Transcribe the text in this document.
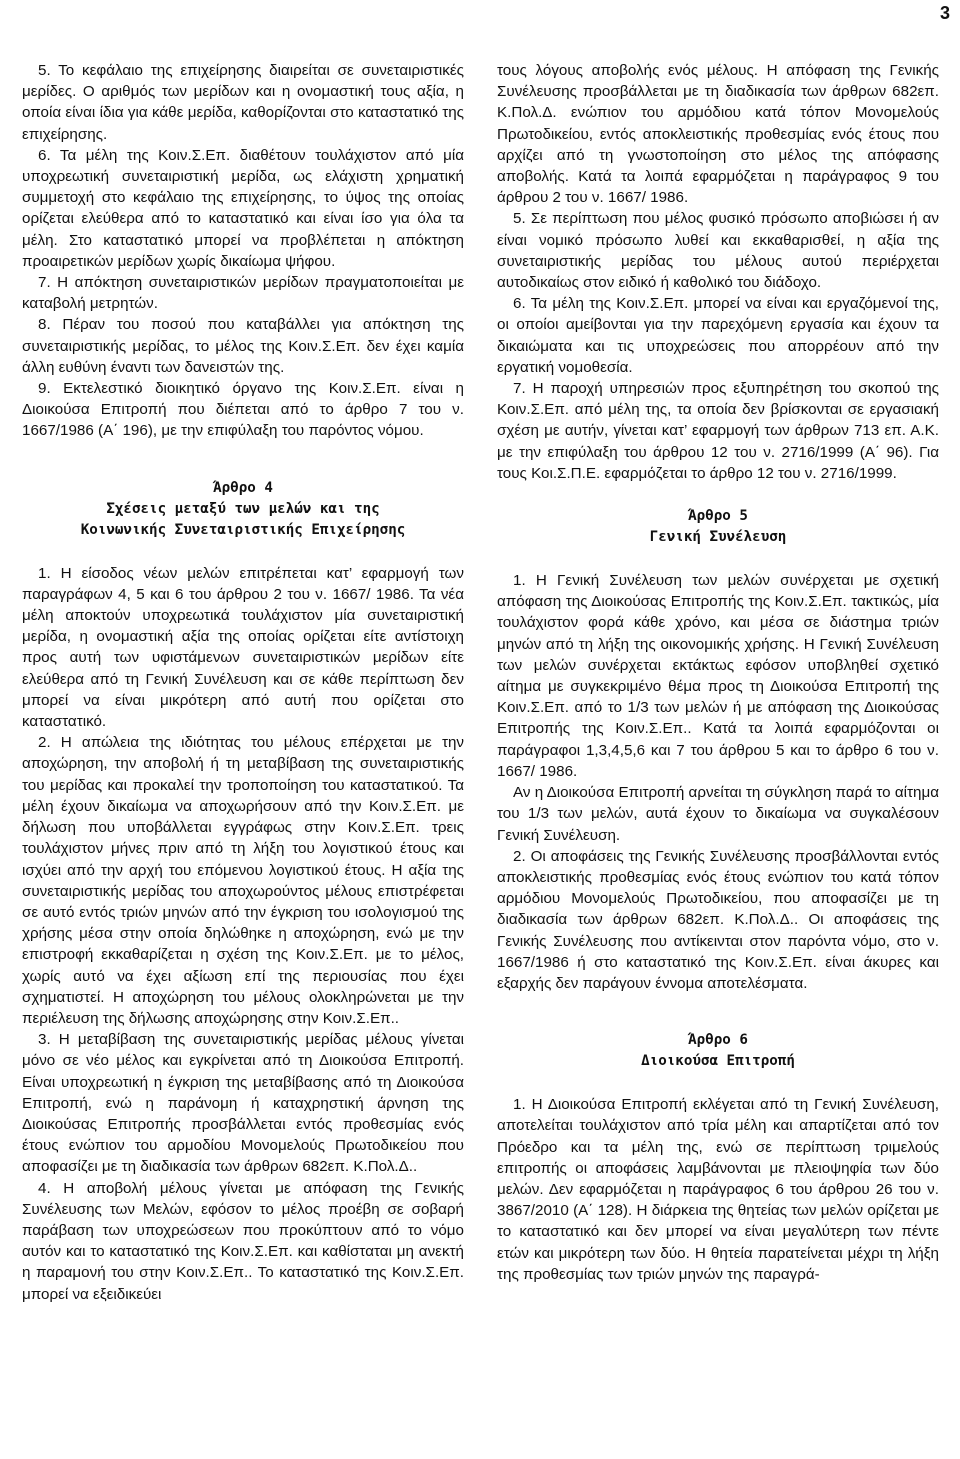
3

5. Το κεφάλαιο της επιχείρησης διαιρείται σε συνεταιριστικές μερίδες. Ο αριθμός των μερίδων και η ονομαστική τους αξία, η οποία είναι ίδια για κάθε μερίδα, καθορίζονται στο καταστατικό της επιχείρησης.

6. Τα μέλη της Κοιν.Σ.Επ. διαθέτουν τουλάχιστον από μία υποχρεωτική συνεταιριστική μερίδα, ως ελάχιστη χρηματική συμμετοχή στο κεφάλαιο της επιχείρησης, το ύψος της οποίας ορίζεται ελεύθερα από το καταστατικό και είναι ίσο για όλα τα μέλη. Στο καταστατικό μπορεί να προβλέπεται η απόκτηση προαιρετικών μερίδων χωρίς δικαίωμα ψήφου.

7. Η απόκτηση συνεταιριστικών μερίδων πραγματοποιείται με καταβολή μετρητών.

8. Πέραν του ποσού που καταβάλλει για απόκτηση της συνεταιριστικής μερίδας, το μέλος της Κοιν.Σ.Επ. δεν έχει καμία άλλη ευθύνη έναντι των δανειστών της.

9. Εκτελεστικό διοικητικό όργανο της Κοιν.Σ.Επ. είναι η Διοικούσα Επιτροπή που διέπεται από το άρθρο 7 του ν. 1667/1986 (Α΄ 196), με την επιφύλαξη του παρόντος νόμου.

Άρθρο 4

Σχέσεις μεταξύ των μελών και της

Κοινωνικής Συνεταιριστικής Επιχείρησης

1. Η είσοδος νέων μελών επιτρέπεται κατ’ εφαρμογή των παραγράφων 4, 5 και 6 του άρθρου 2 του ν. 1667/ 1986. Τα νέα μέλη αποκτούν υποχρεωτικά τουλάχιστον μία συνεταιριστική μερίδα, η ονομαστική αξία της οποίας ορίζεται είτε αντίστοιχη προς αυτή των υφιστάμενων συνεταιριστικών μερίδων είτε ελεύθερα από τη Γενική Συνέλευση και σε κάθε περίπτωση δεν μπορεί να είναι μικρότερη από αυτή που ορίζεται στο καταστατικό.

2. Η απώλεια της ιδιότητας του μέλους επέρχεται με την αποχώρηση, την αποβολή ή τη μεταβίβαση της συνεταιριστικής του μερίδας και προκαλεί την τροποποίηση του καταστατικού. Τα μέλη έχουν δικαίωμα να αποχωρήσουν από την Κοιν.Σ.Επ. με δήλωση που υποβάλλεται εγγράφως στην Κοιν.Σ.Επ. τρεις τουλάχιστον μήνες πριν από τη λήξη του λογιστικού έτους και ισχύει από την αρχή του επόμενου λογιστικού έτους. Η αξία της συνεταιριστικής μερίδας του αποχωρούντος μέλους επιστρέφεται σε αυτό εντός τριών μηνών από την έγκριση του ισολογισμού της χρήσης μέσα στην οποία δηλώθηκε η αποχώρηση, ενώ με την επιστροφή εκκαθαρίζεται η σχέση της Κοιν.Σ.Επ. με το μέλος, χωρίς αυτό να έχει αξίωση επί της περιουσίας που έχει σχηματιστεί. Η αποχώρηση του μέλους ολοκληρώνεται με την περιέλευση της δήλωσης αποχώρησης στην Κοιν.Σ.Επ..

3. Η μεταβίβαση της συνεταιριστικής μερίδας μέλους γίνεται μόνο σε νέο μέλος και εγκρίνεται από τη Διοικούσα Επιτροπή. Είναι υποχρεωτική η έγκριση της μεταβίβασης από τη Διοικούσα Επιτροπή, ενώ η παράνομη ή καταχρηστική άρνηση της Διοικούσας Επιτροπής προσβάλλεται εντός προθεσμίας ενός έτους ενώπιον του αρμοδίου Μονομελούς Πρωτοδικείου που αποφασίζει με τη διαδικασία των άρθρων 682επ. Κ.Πολ.Δ..

4. Η αποβολή μέλους γίνεται με απόφαση της Γενικής Συνέλευσης των Μελών, εφόσον το μέλος προέβη σε σοβαρή παράβαση των υποχρεώσεων που προκύπτουν από το νόμο αυτόν και το καταστατικό της Κοιν.Σ.Επ. και καθίσταται μη ανεκτή η παραμονή του στην Κοιν.Σ.Επ.. Το καταστατικό της Κοιν.Σ.Επ. μπορεί να εξειδικεύει

τους λόγους αποβολής ενός μέλους. Η απόφαση της Γενικής Συνέλευσης προσβάλλεται με τη διαδικασία των άρθρων 682επ. Κ.Πολ.Δ. ενώπιον του αρμόδιου κατά τόπον Μονομελούς Πρωτοδικείου, εντός αποκλειστικής προθεσμίας ενός έτους που αρχίζει από τη γνωστοποίηση στο μέλος της απόφασης αποβολής. Κατά τα λοιπά εφαρμόζεται η παράγραφος 9 του άρθρου 2 του ν. 1667/ 1986.

5. Σε περίπτωση που μέλος φυσικό πρόσωπο αποβιώσει ή αν είναι νομικό πρόσωπο λυθεί και εκκαθαρισθεί, η αξία της συνεταιριστικής μερίδας του μέλους αυτού περιέρχεται αυτοδικαίως στον ειδικό ή καθολικό του διάδοχο.

6. Τα μέλη της Κοιν.Σ.Επ. μπορεί να είναι και εργαζόμενοί της, οι οποίοι αμείβονται για την παρεχόμενη εργασία και έχουν τα δικαιώματα και τις υποχρεώσεις που απορρέουν από την εργατική νομοθεσία.

7. Η παροχή υπηρεσιών προς εξυπηρέτηση του σκοπού της Κοιν.Σ.Επ. από μέλη της, τα οποία δεν βρίσκονται σε εργασιακή σχέση με αυτήν, γίνεται κατ’ εφαρμογή των άρθρων 713 επ. Α.Κ. με την επιφύλαξη του άρθρου 12 του ν. 2716/1999 (Α΄ 96). Για τους Κοι.Σ.Π.Ε. εφαρμόζεται το άρθρο 12 του ν. 2716/1999.

Άρθρο 5

Γενική Συνέλευση

1. Η Γενική Συνέλευση των μελών συνέρχεται με σχετική απόφαση της Διοικούσας Επιτροπής της Κοιν.Σ.Επ. τακτικώς, μία τουλάχιστον φορά κάθε χρόνο, και μέσα σε διάστημα τριών μηνών από τη λήξη της οικονομικής χρήσης. Η Γενική Συνέλευση των μελών συνέρχεται εκτάκτως εφόσον υποβληθεί σχετικό αίτημα με συγκεκριμένο θέμα προς τη Διοικούσα Επιτροπή της Κοιν.Σ.Επ. από το 1/3 των μελών ή με απόφαση της Διοικούσας Επιτροπής της Κοιν.Σ.Επ.. Κατά τα λοιπά εφαρμόζονται οι παράγραφοι 1,3,4,5,6 και 7 του άρθρου 5 και το άρθρο 6 του ν. 1667/ 1986.

Αν η Διοικούσα Επιτροπή αρνείται τη σύγκληση παρά το αίτημα του 1/3 των μελών, αυτά έχουν το δικαίωμα να συγκαλέσουν Γενική Συνέλευση.

2. Οι αποφάσεις της Γενικής Συνέλευσης προσβάλλονται εντός αποκλειστικής προθεσμίας ενός έτους ενώπιον του κατά τόπον αρμόδιου Μονομελούς Πρωτοδικείου, που αποφασίζει με τη διαδικασία των άρθρων 682επ. Κ.Πολ.Δ.. Οι αποφάσεις της Γενικής Συνέλευσης που αντίκεινται στον παρόντα νόμο, στο ν. 1667/1986 ή στο καταστατικό της Κοιν.Σ.Επ. είναι άκυρες και εξαρχής δεν παράγουν έννομα αποτελέσματα.

Άρθρο 6

Διοικούσα Επιτροπή

1. Η Διοικούσα Επιτροπή εκλέγεται από τη Γενική Συνέλευση, αποτελείται τουλάχιστον από τρία μέλη και απαρτίζεται από τον Πρόεδρο και τα μέλη της, ενώ σε περίπτωση τριμελούς επιτροπής οι αποφάσεις λαμβάνονται με πλειοψηφία των δύο μελών. Δεν εφαρμόζεται η παράγραφος 6 του άρθρου 26 του ν. 3867/2010 (Α΄ 128). Η διάρκεια της θητείας των μελών ορίζεται με το καταστατικό και δεν μπορεί να είναι μεγαλύτερη των πέντε ετών και μικρότερη των δύο. Η θητεία παρατείνεται μέχρι τη λήξη της προθεσμίας των τριών μηνών της παραγρά-
